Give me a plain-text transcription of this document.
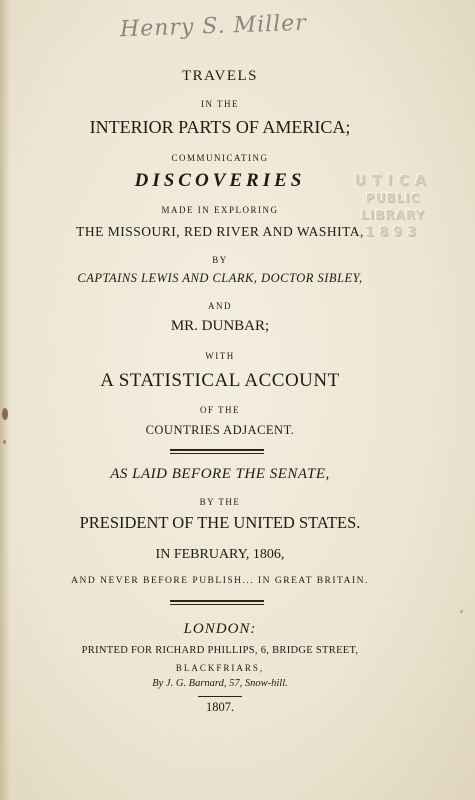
Henry S. Miller
UTICA
PUBLIC LIBRARY
1893
TRAVELS
IN THE
INTERIOR PARTS OF AMERICA;
COMMUNICATING
DISCOVERIES
MADE IN EXPLORING
THE MISSOURI, RED RIVER AND WASHITA,
BY
CAPTAINS LEWIS AND CLARK, DOCTOR SIBLEY,
AND
MR. DUNBAR;
WITH
A STATISTICAL ACCOUNT
OF THE
COUNTRIES ADJACENT.
AS LAID BEFORE THE SENATE,
BY THE
PRESIDENT OF THE UNITED STATES.
IN FEBRUARY, 1806,
AND NEVER BEFORE PUBLISH... IN GREAT BRITAIN.
LONDON:
PRINTED FOR RICHARD PHILLIPS, 6, BRIDGE STREET,
BLACKFRIARS,
By J. G. Barnard, 57, Snow-hill.
1807.
